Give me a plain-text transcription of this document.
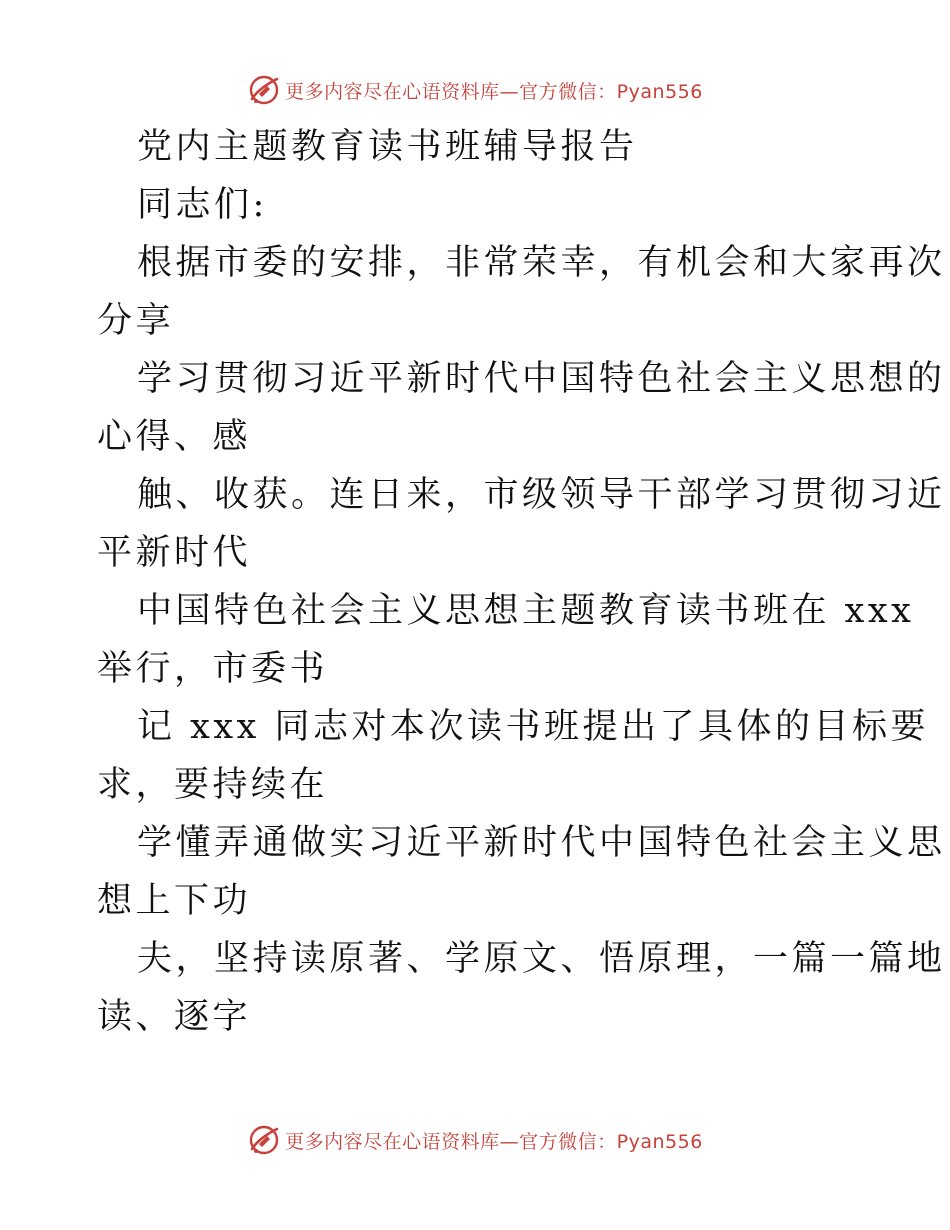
更多内容尽在心语资料库—官方微信：Pyan556

党内主题教育读书班辅导报告

同志们:

根据市委的安排，非常荣幸，有机会和大家再次

分享

学习贯彻习近平新时代中国特色社会主义思想的

心得、感

触、收获。连日来，市级领导干部学习贯彻习近

平新时代

中国特色社会主义思想主题教育读书班在 xxx

举行，市委书

记 xxx 同志对本次读书班提出了具体的目标要

求，要持续在

学懂弄通做实习近平新时代中国特色社会主义思

想上下功

夫，坚持读原著、学原文、悟原理，一篇一篇地

读、逐字

更多内容尽在心语资料库—官方微信：Pyan556
